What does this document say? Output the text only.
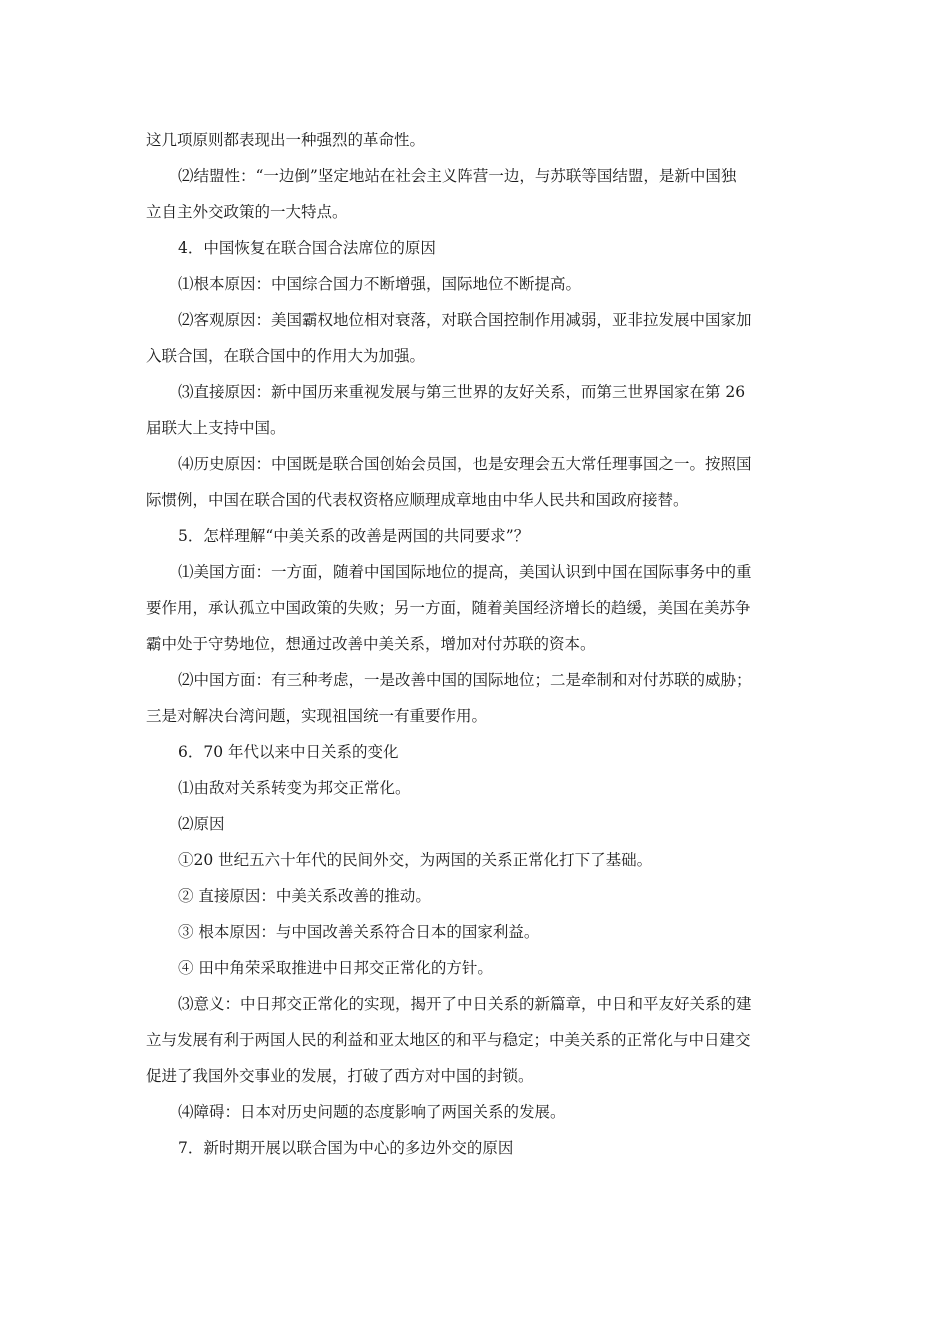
这几项原则都表现出一种强烈的革命性。
⑵结盟性：“一边倒”坚定地站在社会主义阵营一边，与苏联等国结盟，是新中国独
立自主外交政策的一大特点。
4．中国恢复在联合国合法席位的原因
⑴根本原因：中国综合国力不断增强，国际地位不断提高。
⑵客观原因：美国霸权地位相对衰落，对联合国控制作用减弱，亚非拉发展中国家加
入联合国，在联合国中的作用大为加强。
⑶直接原因：新中国历来重视发展与第三世界的友好关系，而第三世界国家在第 26
届联大上支持中国。
⑷历史原因：中国既是联合国创始会员国，也是安理会五大常任理事国之一。按照国
际惯例，中国在联合国的代表权资格应顺理成章地由中华人民共和国政府接替。
5．怎样理解“中美关系的改善是两国的共同要求”？
⑴美国方面：一方面，随着中国国际地位的提高，美国认识到中国在国际事务中的重
要作用，承认孤立中国政策的失败；另一方面，随着美国经济增长的趋缓，美国在美苏争
霸中处于守势地位，想通过改善中美关系，增加对付苏联的资本。
⑵中国方面：有三种考虑，一是改善中国的国际地位；二是牵制和对付苏联的威胁；
三是对解决台湾问题，实现祖国统一有重要作用。
6．70 年代以来中日关系的变化
⑴由敌对关系转变为邦交正常化。
⑵原因
①20 世纪五六十年代的民间外交，为两国的关系正常化打下了基础。
② 直接原因：中美关系改善的推动。
③ 根本原因：与中国改善关系符合日本的国家利益。
④ 田中角荣采取推进中日邦交正常化的方针。
⑶意义：中日邦交正常化的实现，揭开了中日关系的新篇章，中日和平友好关系的建
立与发展有利于两国人民的利益和亚太地区的和平与稳定；中美关系的正常化与中日建交
促进了我国外交事业的发展，打破了西方对中国的封锁。
⑷障碍：日本对历史问题的态度影响了两国关系的发展。
7．新时期开展以联合国为中心的多边外交的原因
